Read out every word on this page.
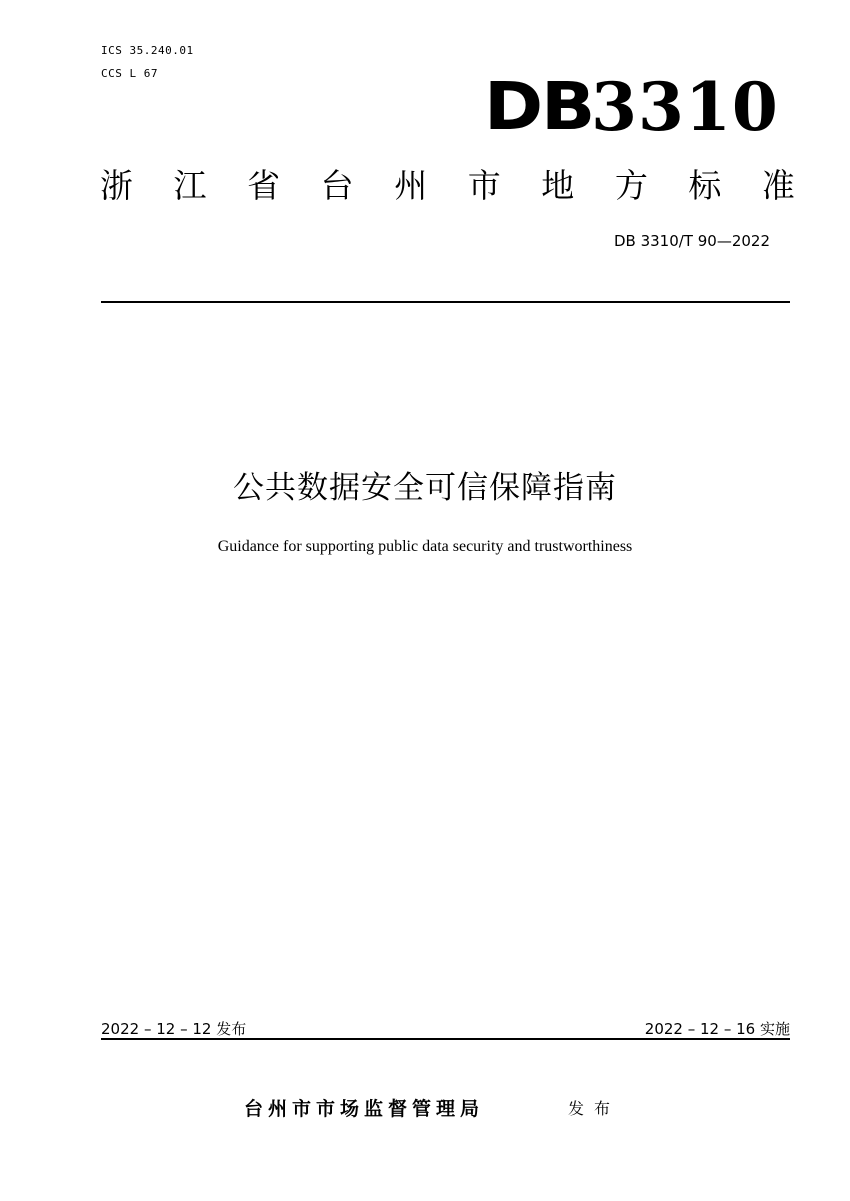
ICS 35.240.01
CCS L 67	DB
3310
浙 江 省 台 州 市 地 方 标 准
DB 3310/T 90—2022
公共数据安全可信保障指南
Guidance for supporting public data security and trustworthiness
2022 – 12 – 12 发布	2022 – 12 – 16 实施
台州市市场监督管理局	发布
